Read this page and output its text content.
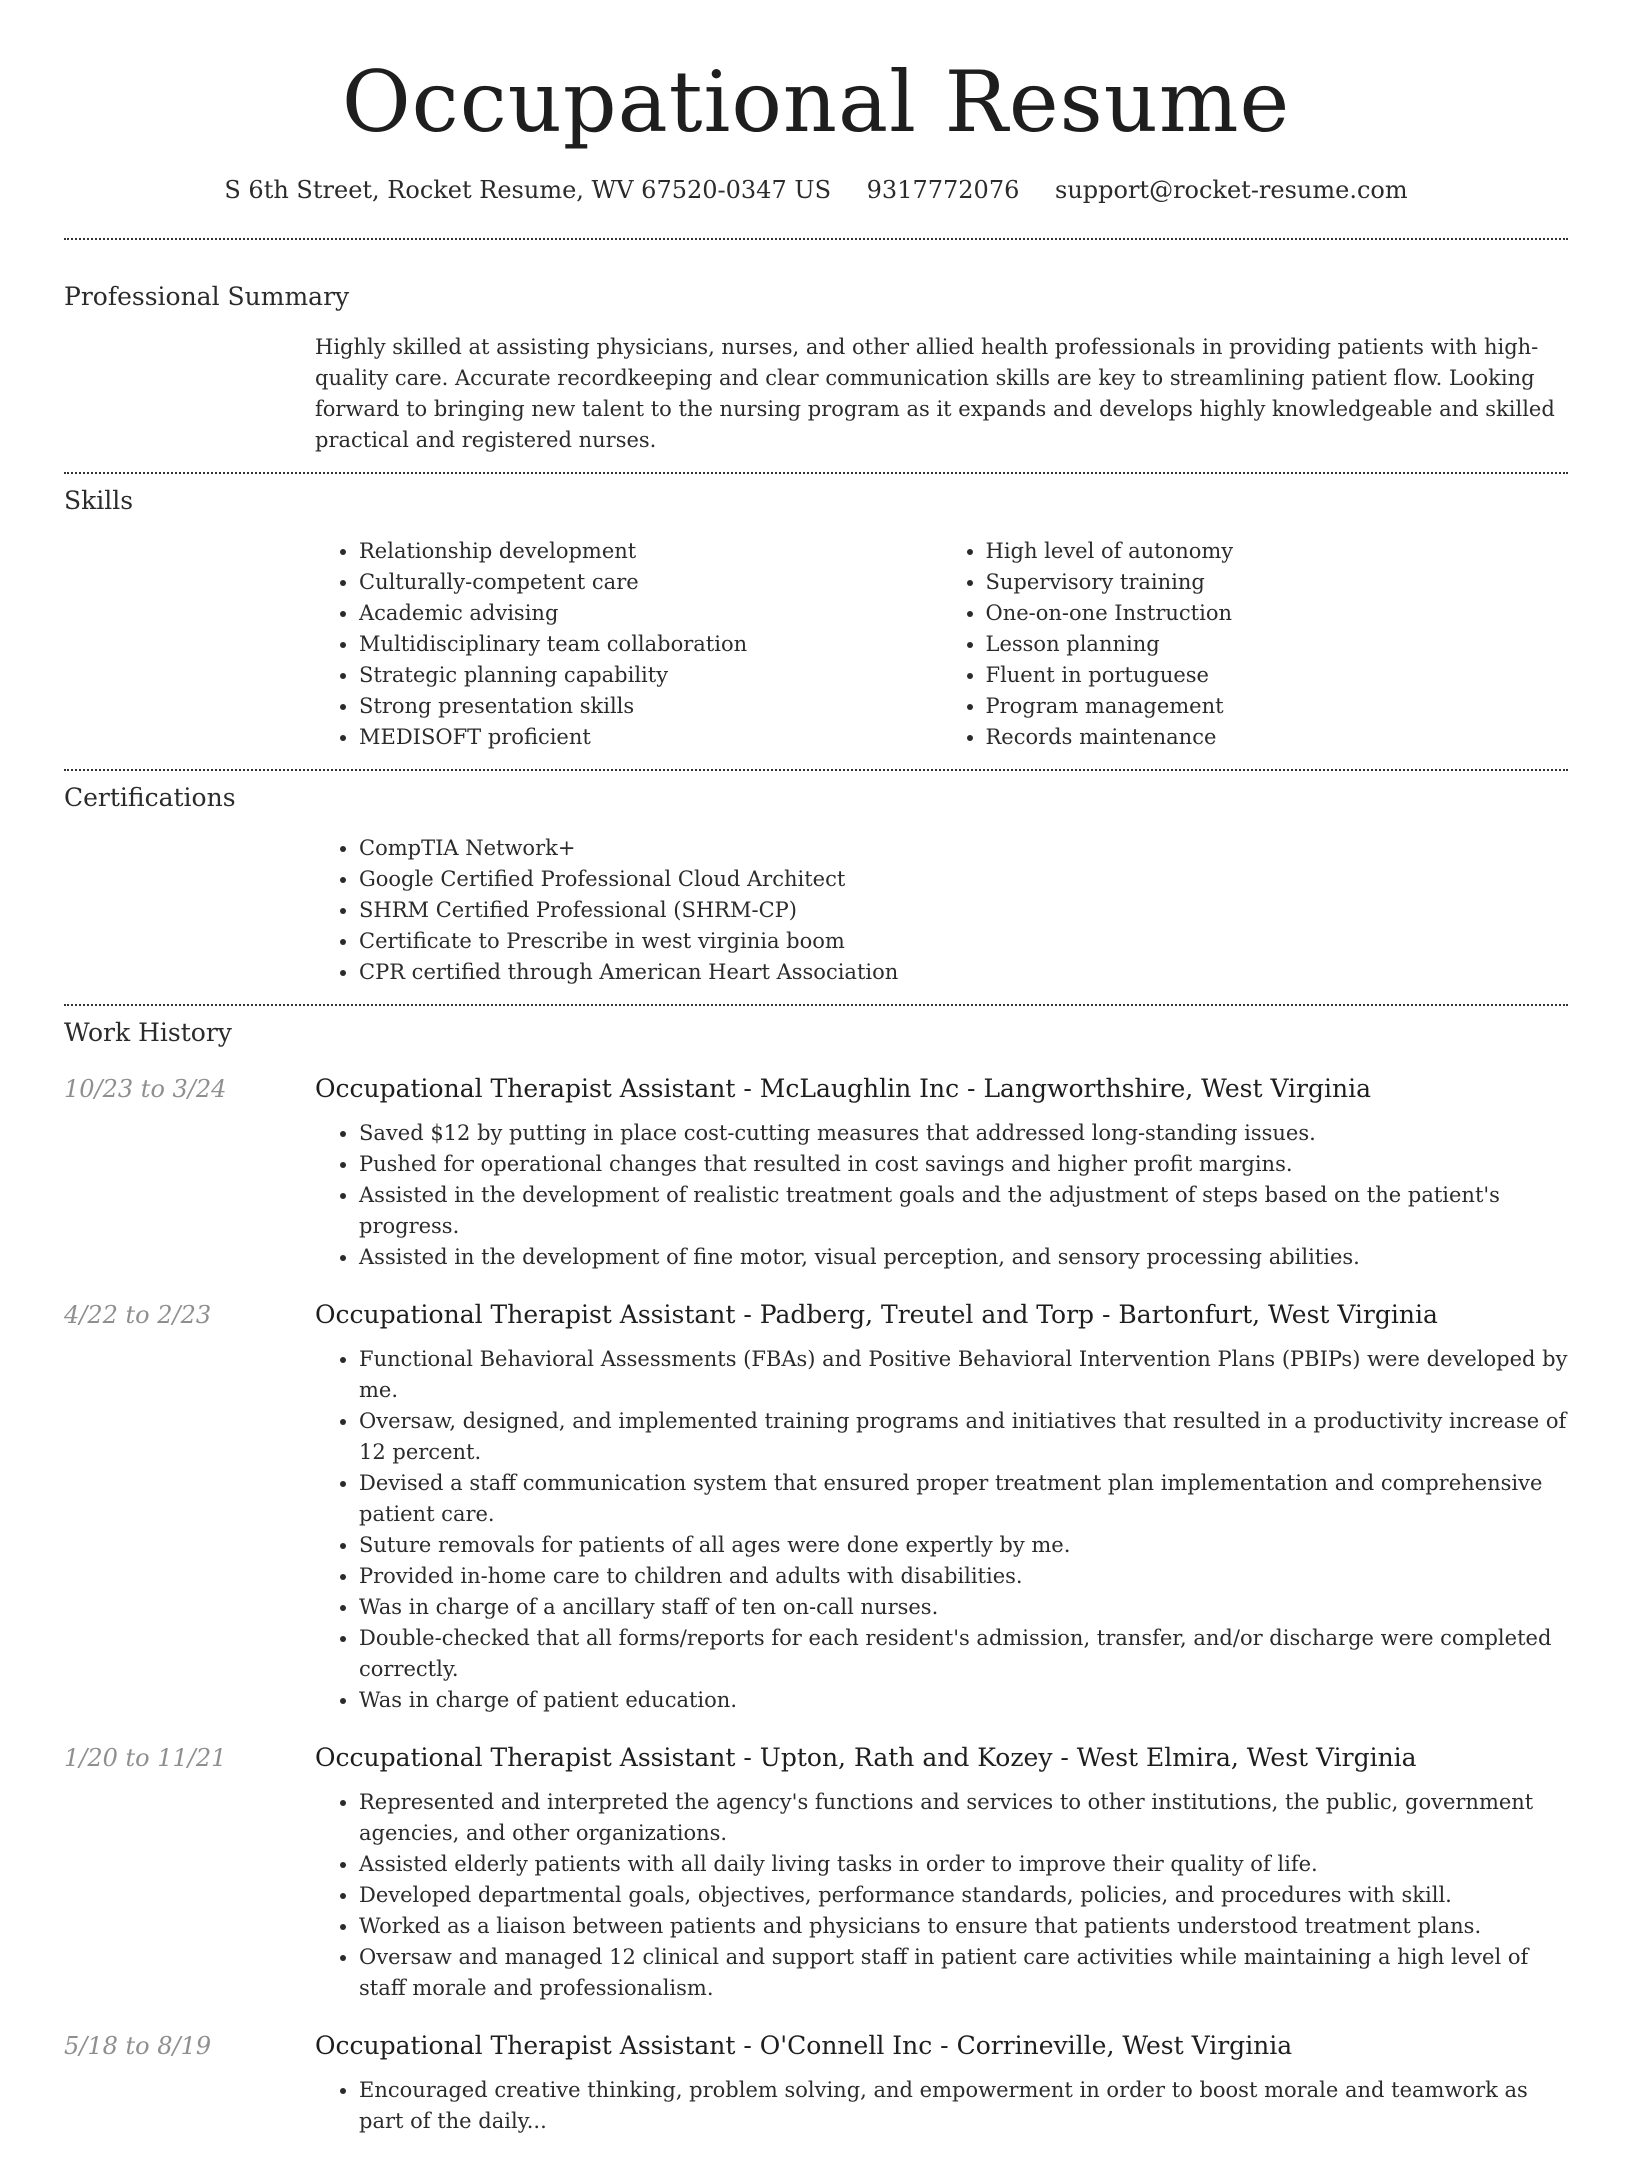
Occupational Resume
S 6th Street, Rocket Resume, WV 67520-0347 US 9317772076 support@rocket-resume.com
Professional Summary
Highly skilled at assisting physicians, nurses, and other allied health professionals in providing patients with high-quality care. Accurate recordkeeping and clear communication skills are key to streamlining patient flow. Looking forward to bringing new talent to the nursing program as it expands and develops highly knowledgeable and skilled practical and registered nurses.
Skills
• Relationship development
• Culturally-competent care
• Academic advising
• Multidisciplinary team collaboration
• Strategic planning capability
• Strong presentation skills
• MEDISOFT proficient
• High level of autonomy
• Supervisory training
• One-on-one Instruction
• Lesson planning
• Fluent in portuguese
• Program management
• Records maintenance
Certifications
• CompTIA Network+
• Google Certified Professional Cloud Architect
• SHRM Certified Professional (SHRM-CP)
• Certificate to Prescribe in west virginia boom
• CPR certified through American Heart Association
Work History
10/23 to 3/24	Occupational Therapist Assistant - McLaughlin Inc - Langworthshire, West Virginia
• Saved $12 by putting in place cost-cutting measures that addressed long-standing issues.
• Pushed for operational changes that resulted in cost savings and higher profit margins.
• Assisted in the development of realistic treatment goals and the adjustment of steps based on the patient's progress.
• Assisted in the development of fine motor, visual perception, and sensory processing abilities.
4/22 to 2/23	Occupational Therapist Assistant - Padberg, Treutel and Torp - Bartonfurt, West Virginia
• Functional Behavioral Assessments (FBAs) and Positive Behavioral Intervention Plans (PBIPs) were developed by me.
• Oversaw, designed, and implemented training programs and initiatives that resulted in a productivity increase of 12 percent.
• Devised a staff communication system that ensured proper treatment plan implementation and comprehensive patient care.
• Suture removals for patients of all ages were done expertly by me.
• Provided in-home care to children and adults with disabilities.
• Was in charge of a ancillary staff of ten on-call nurses.
• Double-checked that all forms/reports for each resident's admission, transfer, and/or discharge were completed correctly.
• Was in charge of patient education.
1/20 to 11/21	Occupational Therapist Assistant - Upton, Rath and Kozey - West Elmira, West Virginia
• Represented and interpreted the agency's functions and services to other institutions, the public, government agencies, and other organizations.
• Assisted elderly patients with all daily living tasks in order to improve their quality of life.
• Developed departmental goals, objectives, performance standards, policies, and procedures with skill.
• Worked as a liaison between patients and physicians to ensure that patients understood treatment plans.
• Oversaw and managed 12 clinical and support staff in patient care activities while maintaining a high level of staff morale and professionalism.
5/18 to 8/19	Occupational Therapist Assistant - O'Connell Inc - Corrineville, West Virginia
• Encouraged creative thinking, problem solving, and empowerment in order to boost morale and teamwork as part of the daily...
